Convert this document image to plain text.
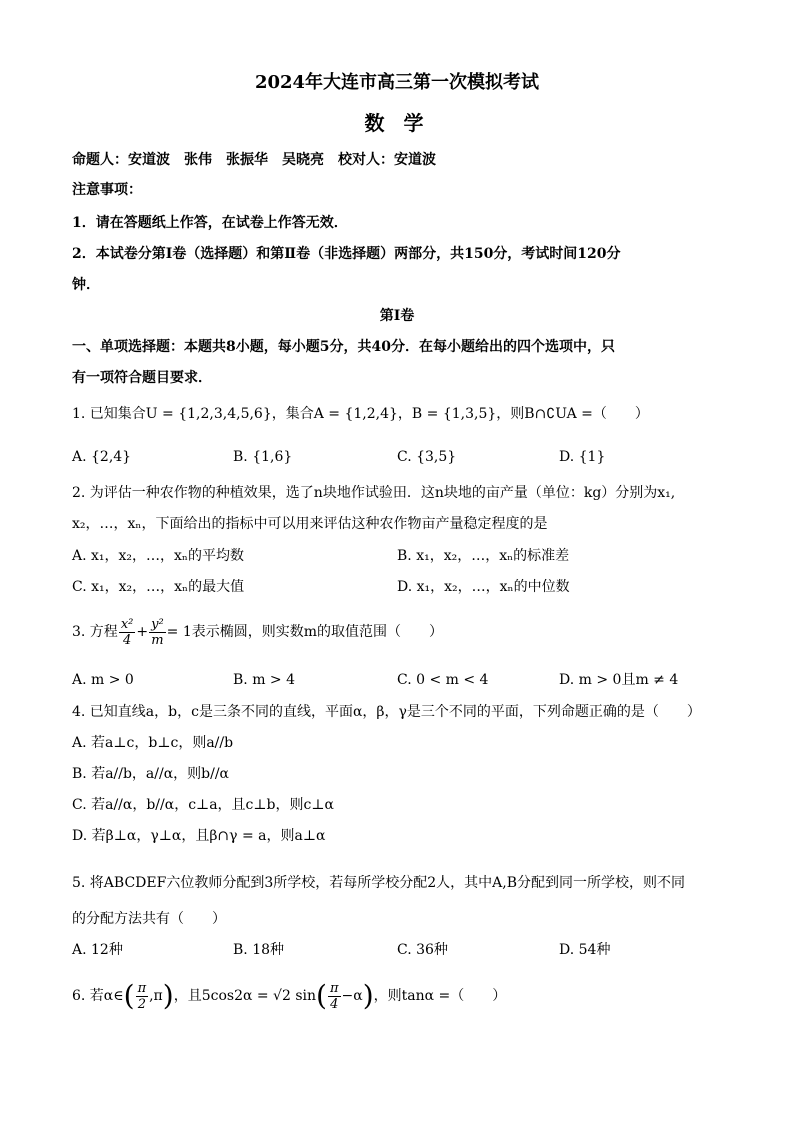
2024年大连市高三第一次模拟考试
数 学
命题人：安道波　张伟　张振华　吴晓亮　校对人：安道波
注意事项：
1．请在答题纸上作答，在试卷上作答无效．
2．本试卷分第Ⅰ卷（选择题）和第Ⅱ卷（非选择题）两部分，共150分，考试时间120分
钟．
第Ⅰ卷
一、单项选择题：本题共8小题，每小题5分，共40分．在每小题给出的四个选项中，只
有一项符合题目要求．
1. 已知集合U = {1,2,3,4,5,6}，集合A = {1,2,4}，B = {1,3,5}，则B∩∁UA =（　　）
A. {2,4}	B. {1,6}	C. {3,5}	D. {1}
2. 为评估一种农作物的种植效果，选了n块地作试验田．这n块地的亩产量（单位：kg）分别为x₁,
x₂，…，xₙ，下面给出的指标中可以用来评估这种农作物亩产量稳定程度的是
A. x₁，x₂，…，xₙ的平均数	B. x₁，x₂，…，xₙ的标准差
C. x₁，x₂，…，xₙ的最大值	D. x₁，x₂，…，xₙ的中位数
3. 方程 $\frac{\text{x²}}{4} + \frac{\text{y²}}{m} = 1$表示椭圆，则实数m的取值范围（　　）
A. m > 0	B. m > 4	C. 0 < m < 4	D. m > 0且m ≠ 4
4. 已知直线a，b，c是三条不同的直线，平面α，β，γ是三个不同的平面，下列命题正确的是（　　）
A. 若a⊥c，b⊥c，则a//b
B. 若a//b，a//α，则b//α
C. 若a//α，b//α，c⊥a，且c⊥b，则c⊥α
D. 若β⊥α，γ⊥α，且β∩γ = a，则a⊥α
5. 将ABCDEF六位教师分配到3所学校，若每所学校分配2人，其中A,B分配到同一所学校，则不同
的分配方法共有（　　）
A. 12种	B. 18种	C. 36种	D. 54种
6. 若α∈( $\frac{\pi}{2} ,\pi$)，且5cos2α = √2 $\sin( \frac{\pi}{4} -\alpha)$，则tanα =（　　）
